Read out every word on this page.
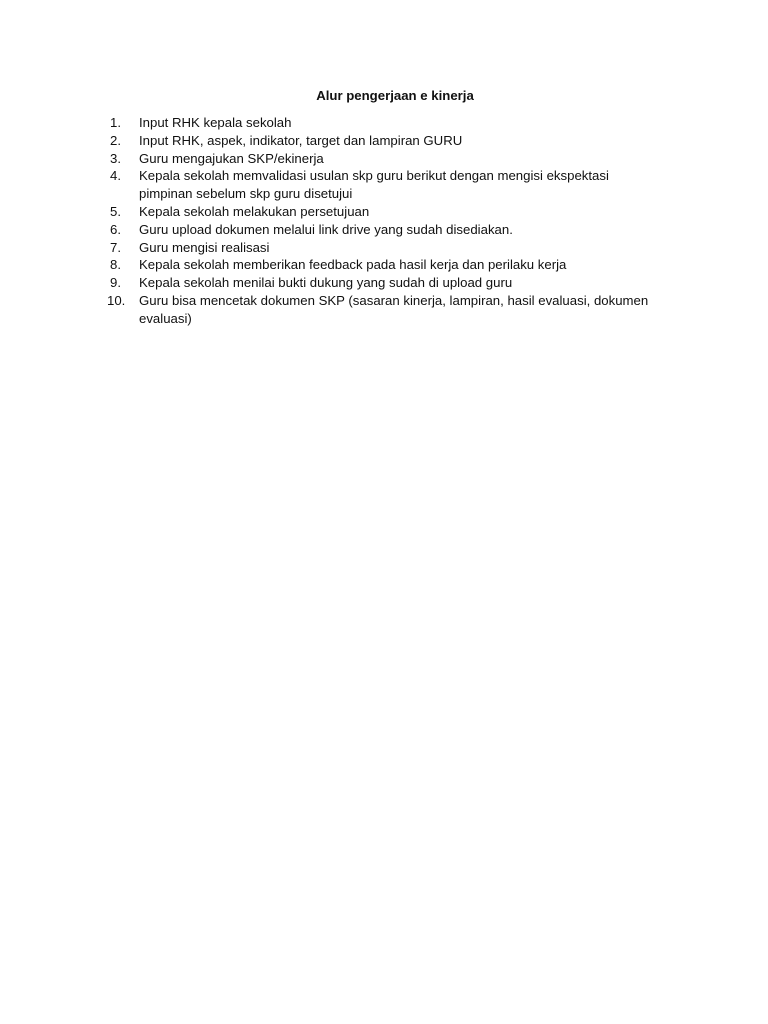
Alur pengerjaan e kinerja
1.	Input RHK kepala sekolah
2.	Input RHK, aspek, indikator, target dan lampiran GURU
3.	Guru mengajukan SKP/ekinerja
4.	Kepala sekolah memvalidasi usulan skp guru berikut dengan mengisi ekspektasi pimpinan sebelum skp guru disetujui
5.	Kepala sekolah melakukan persetujuan
6.	Guru upload dokumen melalui link drive yang sudah disediakan.
7.	Guru mengisi realisasi
8.	Kepala sekolah memberikan feedback pada hasil kerja dan perilaku kerja
9.	Kepala sekolah menilai bukti dukung yang sudah di upload guru
10.	Guru bisa mencetak dokumen SKP (sasaran kinerja, lampiran, hasil evaluasi, dokumen evaluasi)
